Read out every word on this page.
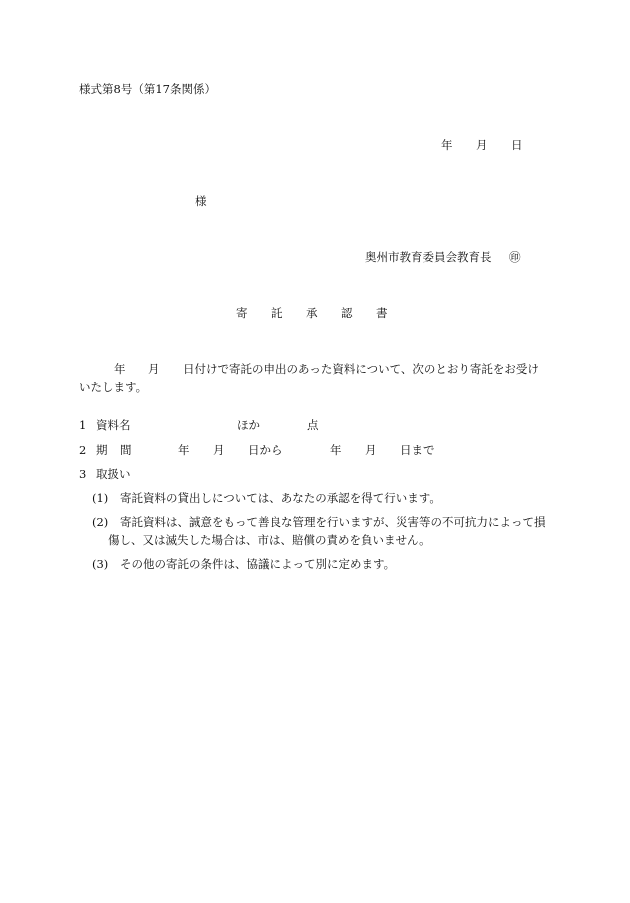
様式第8号（第17条関係）
年 月 日
様
奥州市教育委員会教育長 ㊞
寄 託 承 認 書
年 月 日付けで寄託の申出のあった資料について、次のとおり寄託をお受け
いたします。
1 資料名	ほか	点
2 期 間	年 月 日から	年 月 日まで
3 取扱い
(1) 寄託資料の貸出しについては、あなたの承認を得て行います。
(2) 寄託資料は、誠意をもって善良な管理を行いますが、災害等の不可抗力によって損
傷し、又は滅失した場合は、市は、賠償の責めを負いません。
(3) その他の寄託の条件は、協議によって別に定めます。
